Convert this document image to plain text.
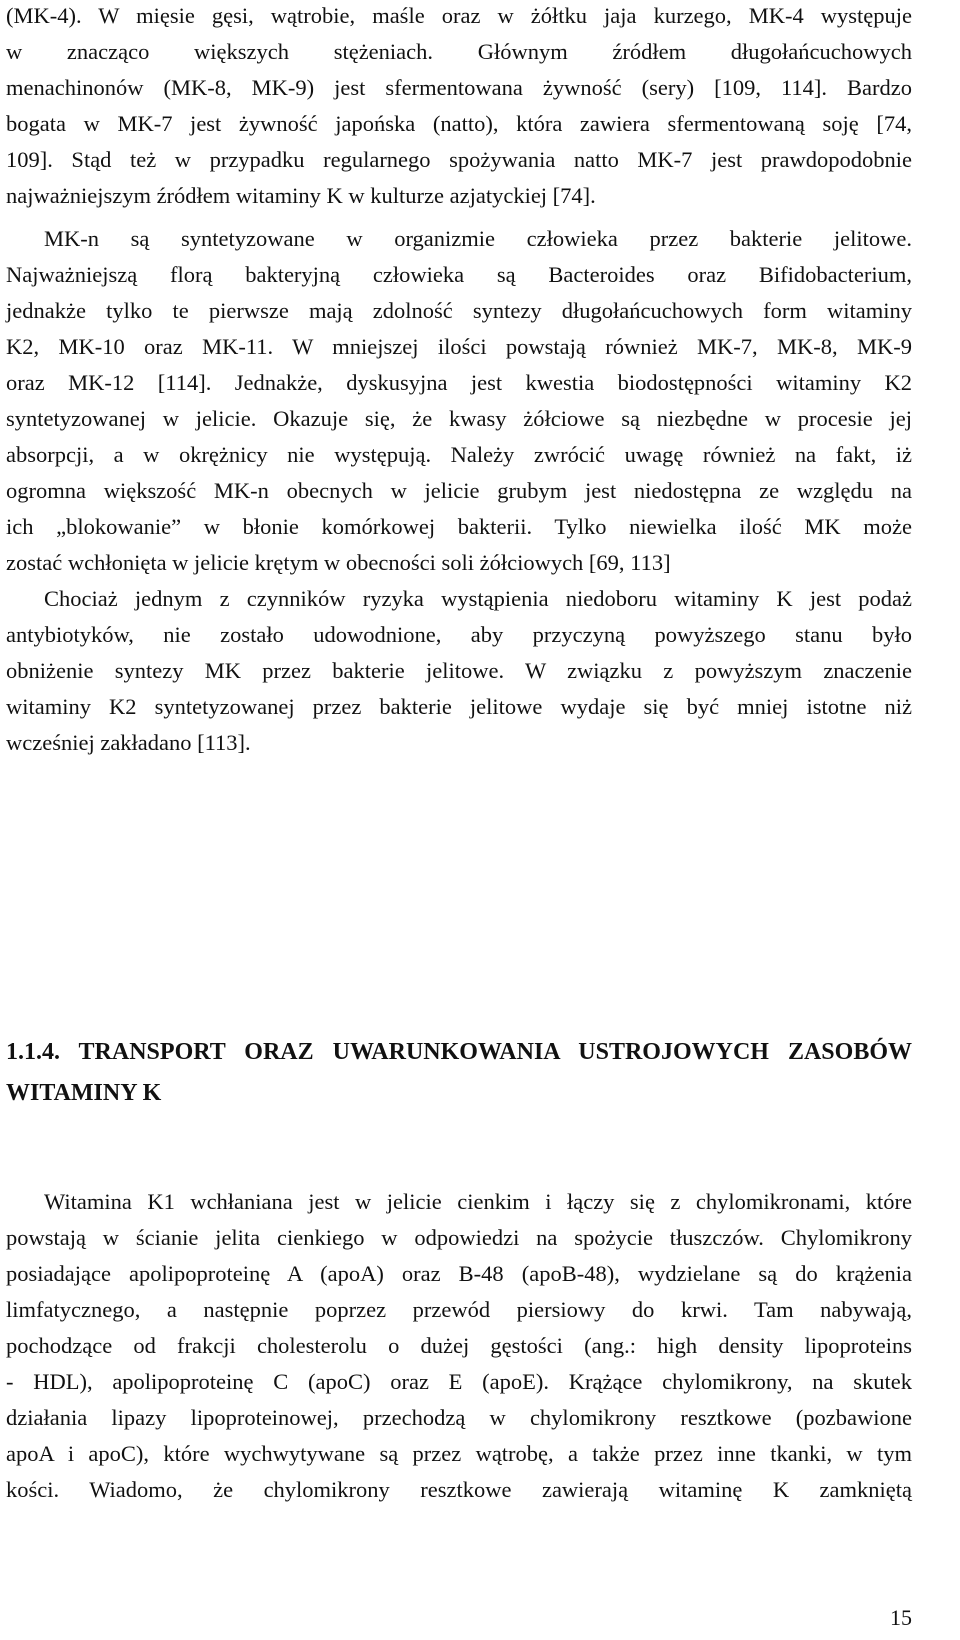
(MK-4). W mięsie gęsi, wątrobie, maśle oraz w żółtku jaja kurzego, MK-4 występuje
w znacząco większych stężeniach. Głównym źródłem długołańcuchowych
menachinonów (MK-8, MK-9) jest sfermentowana żywność (sery) [109, 114]. Bardzo
bogata w MK-7 jest żywność japońska (natto), która zawiera sfermentowaną soję [74,
109]. Stąd też w przypadku regularnego spożywania natto MK-7 jest prawdopodobnie
najważniejszym źródłem witaminy K w kulturze azjatyckiej [74].
MK-n są syntetyzowane w organizmie człowieka przez bakterie jelitowe.
Najważniejszą florą bakteryjną człowieka są Bacteroides oraz Bifidobacterium,
jednakże tylko te pierwsze mają zdolność syntezy długołańcuchowych form witaminy
K2, MK-10 oraz MK-11. W mniejszej ilości powstają również MK-7, MK-8, MK-9
oraz MK-12 [114]. Jednakże, dyskusyjna jest kwestia biodostępności witaminy K2
syntetyzowanej w jelicie. Okazuje się, że kwasy żółciowe są niezbędne w procesie jej
absorpcji, a w okrężnicy nie występują. Należy zwrócić uwagę również na fakt, iż
ogromna większość MK-n obecnych w jelicie grubym jest niedostępna ze względu na
ich „blokowanie” w błonie komórkowej bakterii. Tylko niewielka ilość MK może
zostać wchłonięta w jelicie krętym w obecności soli żółciowych [69, 113]
Chociaż jednym z czynników ryzyka wystąpienia niedoboru witaminy K jest podaż
antybiotyków, nie zostało udowodnione, aby przyczyną powyższego stanu było
obniżenie syntezy MK przez bakterie jelitowe. W związku z powyższym znaczenie
witaminy K2 syntetyzowanej przez bakterie jelitowe wydaje się być mniej istotne niż
wcześniej zakładano [113].
1.1.4. TRANSPORT ORAZ UWARUNKOWANIA USTROJOWYCH ZASOBÓW
WITAMINY K
Witamina K1 wchłaniana jest w jelicie cienkim i łączy się z chylomikronami, które
powstają w ścianie jelita cienkiego w odpowiedzi na spożycie tłuszczów. Chylomikrony
posiadające apolipoproteinę A (apoA) oraz B-48 (apoB-48), wydzielane są do krążenia
limfatycznego, a następnie poprzez przewód piersiowy do krwi. Tam nabywają,
pochodzące od frakcji cholesterolu o dużej gęstości (ang.: high density lipoproteins
- HDL), apolipoproteinę C (apoC) oraz E (apoE). Krążące chylomikrony, na skutek
działania lipazy lipoproteinowej, przechodzą w chylomikrony resztkowe (pozbawione
apoA i apoC), które wychwytywane są przez wątrobę, a także przez inne tkanki, w tym
kości. Wiadomo, że chylomikrony resztkowe zawierają witaminę K zamkniętą
15
